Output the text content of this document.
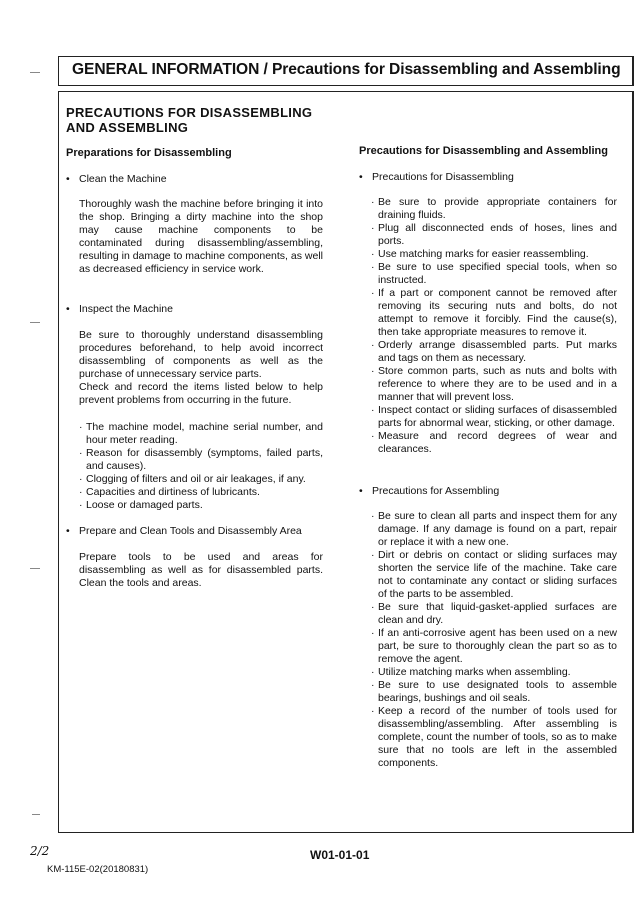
GENERAL INFORMATION / Precautions for Disassembling and Assembling
PRECAUTIONS FOR DISASSEMBLING AND ASSEMBLING
Preparations for Disassembling
• Clean the Machine
Thoroughly wash the machine before bringing it into the shop. Bringing a dirty machine into the shop may cause machine components to be contaminated during disassembling/assembling, resulting in damage to machine components, as well as decreased efficiency in service work.
• Inspect the Machine
Be sure to thoroughly understand disassembling procedures beforehand, to help avoid incorrect disassembling of components as well as the purchase of unnecessary service parts.
Check and record the items listed below to help prevent problems from occurring in the future.
· The machine model, machine serial number, and hour meter reading.
· Reason for disassembly (symptoms, failed parts, and causes).
· Clogging of filters and oil or air leakages, if any.
· Capacities and dirtiness of lubricants.
· Loose or damaged parts.
• Prepare and Clean Tools and Disassembly Area
Prepare tools to be used and areas for disassembling as well as for disassembled parts. Clean the tools and areas.
Precautions for Disassembling and Assembling
• Precautions for Disassembling
· Be sure to provide appropriate containers for draining fluids.
· Plug all disconnected ends of hoses, lines and ports.
· Use matching marks for easier reassembling.
· Be sure to use specified special tools, when so instructed.
· If a part or component cannot be removed after removing its securing nuts and bolts, do not attempt to remove it forcibly. Find the cause(s), then take appropriate measures to remove it.
· Orderly arrange disassembled parts. Put marks and tags on them as necessary.
· Store common parts, such as nuts and bolts with reference to where they are to be used and in a manner that will prevent loss.
· Inspect contact or sliding surfaces of disassembled parts for abnormal wear, sticking, or other damage.
· Measure and record degrees of wear and clearances.
• Precautions for Assembling
· Be sure to clean all parts and inspect them for any damage. If any damage is found on a part, repair or replace it with a new one.
· Dirt or debris on contact or sliding surfaces may shorten the service life of the machine. Take care not to contaminate any contact or sliding surfaces of the parts to be assembled.
· Be sure that liquid-gasket-applied surfaces are clean and dry.
· If an anti-corrosive agent has been used on a new part, be sure to thoroughly clean the part so as to remove the agent.
· Utilize matching marks when assembling.
· Be sure to use designated tools to assemble bearings, bushings and oil seals.
· Keep a record of the number of tools used for disassembling/assembling. After assembling is complete, count the number of tools, so as to make sure that no tools are left in the assembled components.
2/2	W01-01-01
KM-115E-02(20180831)
